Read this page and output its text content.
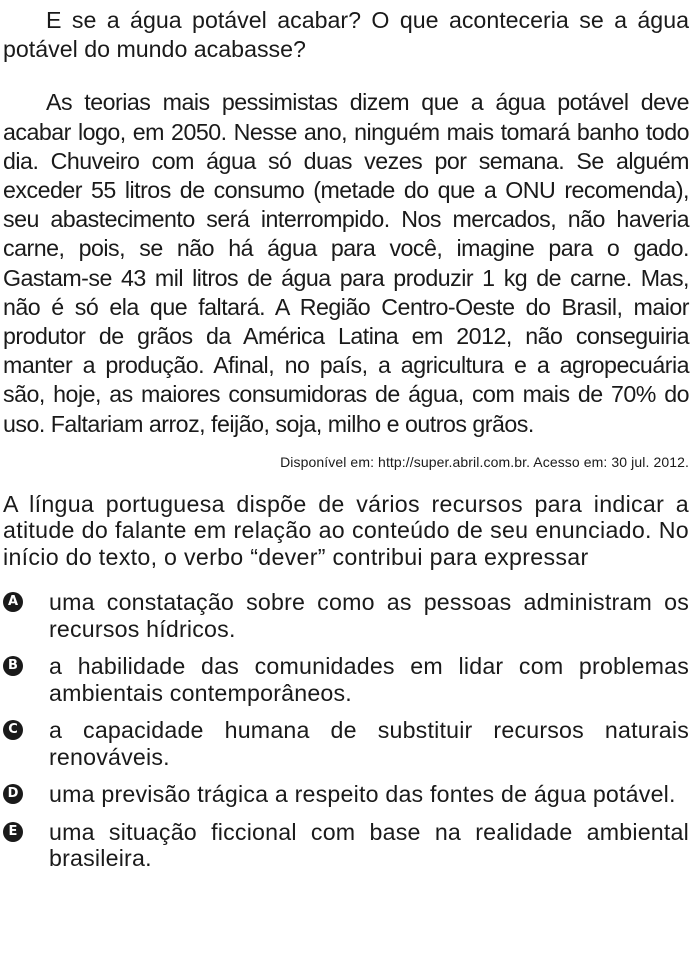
E se a água potável acabar? O que aconteceria se a água potável do mundo acabasse?

As teorias mais pessimistas dizem que a água potável deve acabar logo, em 2050. Nesse ano, ninguém mais tomará banho todo dia. Chuveiro com água só duas vezes por semana. Se alguém exceder 55 litros de consumo (metade do que a ONU recomenda), seu abastecimento será interrompido. Nos mercados, não haveria carne, pois, se não há água para você, imagine para o gado. Gastam-se 43 mil litros de água para produzir 1 kg de carne. Mas, não é só ela que faltará. A Região Centro-Oeste do Brasil, maior produtor de grãos da América Latina em 2012, não conseguiria manter a produção. Afinal, no país, a agricultura e a agropecuária são, hoje, as maiores consumidoras de água, com mais de 70% do uso. Faltariam arroz, feijão, soja, milho e outros grãos.

Disponível em: http://super.abril.com.br. Acesso em: 30 jul. 2012.
A língua portuguesa dispõe de vários recursos para indicar a atitude do falante em relação ao conteúdo de seu enunciado. No início do texto, o verbo “dever” contribui para expressar
A uma constatação sobre como as pessoas administram os recursos hídricos.
B a habilidade das comunidades em lidar com problemas ambientais contemporâneos.
C a capacidade humana de substituir recursos naturais renováveis.
D uma previsão trágica a respeito das fontes de água potável.
E uma situação ficcional com base na realidade ambiental brasileira.
